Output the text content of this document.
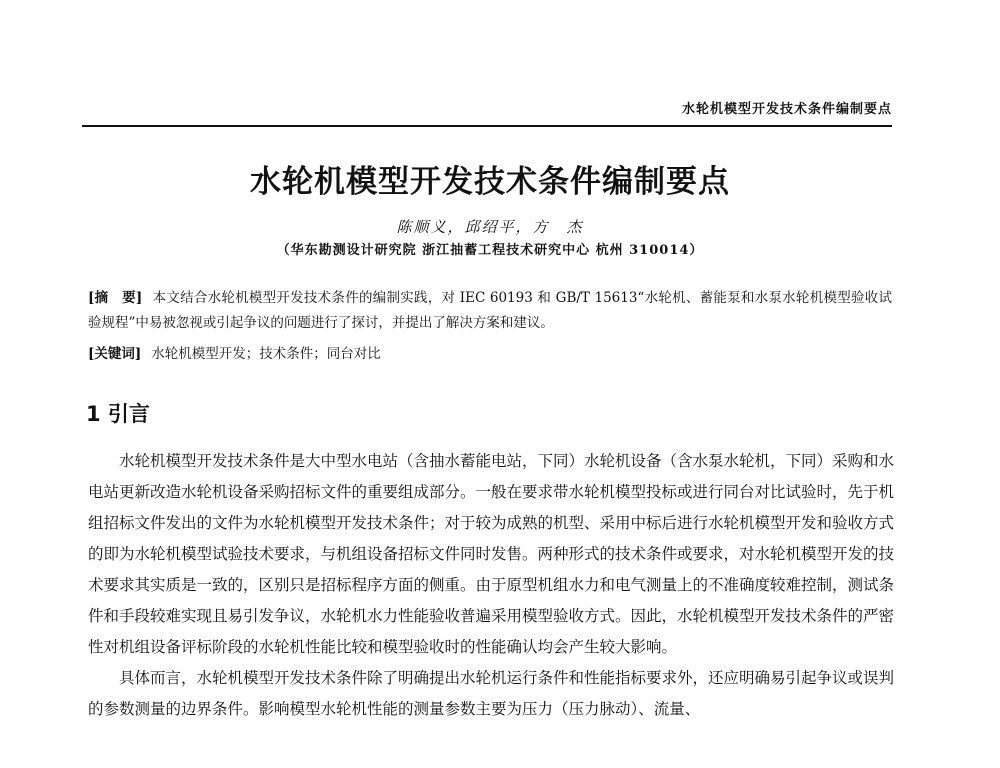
水轮机模型开发技术条件编制要点
水轮机模型开发技术条件编制要点
陈顺义，邱绍平，方　杰
（华东勘测设计研究院 浙江抽蓄工程技术研究中心 杭州 310014）
[摘　要] 本文结合水轮机模型开发技术条件的编制实践，对 IEC 60193 和 GB/T 15613“水轮机、蓄能泵和水泵水轮机模型验收试验规程”中易被忽视或引起争议的问题进行了探讨，并提出了解决方案和建议。
[关键词] 水轮机模型开发；技术条件；同台对比
1 引言

水轮机模型开发技术条件是大中型水电站（含抽水蓄能电站，下同）水轮机设备（含水泵水轮机，下同）采购和水电站更新改造水轮机设备采购招标文件的重要组成部分。一般在要求带水轮机模型投标或进行同台对比试验时，先于机组招标文件发出的文件为水轮机模型开发技术条件；对于较为成熟的机型、采用中标后进行水轮机模型开发和验收方式的即为水轮机模型试验技术要求，与机组设备招标文件同时发售。两种形式的技术条件或要求，对水轮机模型开发的技术要求其实质是一致的，区别只是招标程序方面的侧重。由于原型机组水力和电气测量上的不准确度较难控制，测试条件和手段较难实现且易引发争议，水轮机水力性能验收普遍采用模型验收方式。因此，水轮机模型开发技术条件的严密性对机组设备评标阶段的水轮机性能比较和模型验收时的性能确认均会产生较大影响。

具体而言，水轮机模型开发技术条件除了明确提出水轮机运行条件和性能指标要求外，还应明确易引起争议或误判的参数测量的边界条件。影响模型水轮机性能的测量参数主要为压力（压力脉动）、流量、
